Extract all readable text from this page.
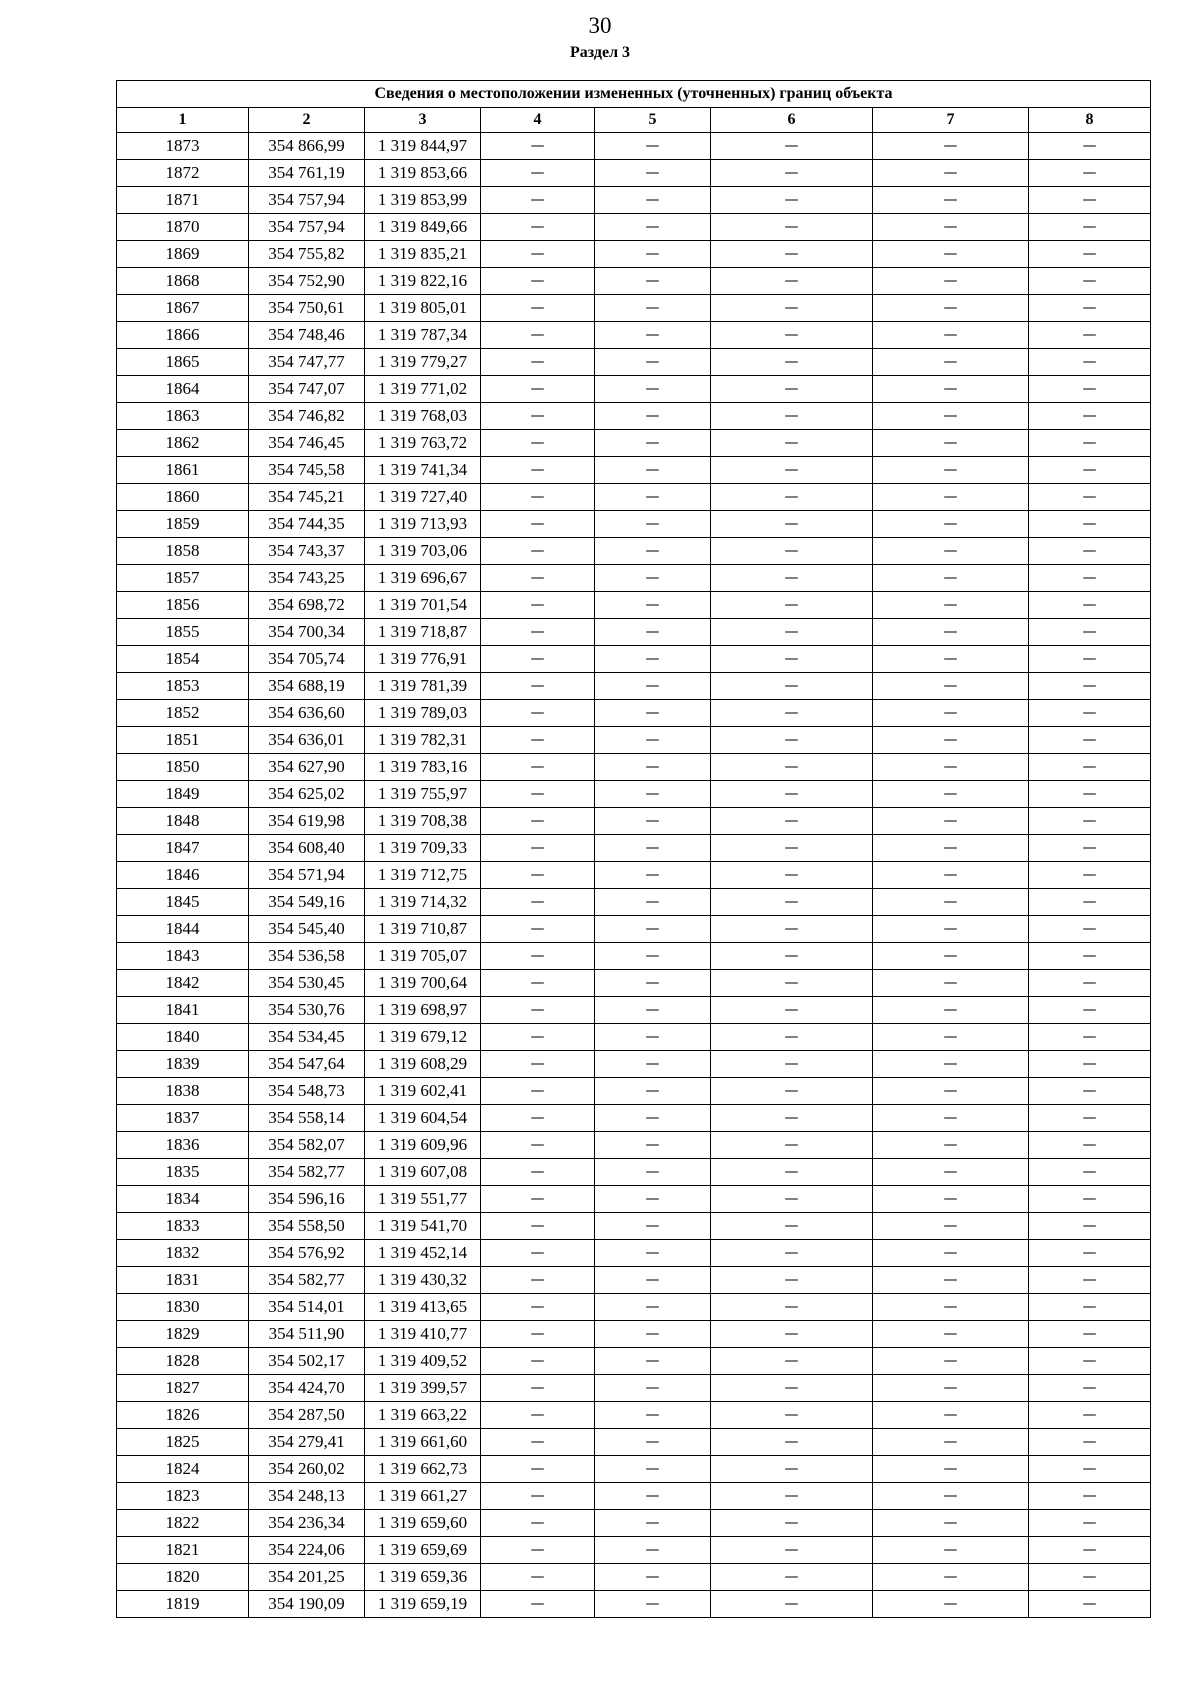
30
Раздел 3
Сведения о местоположении измененных (уточненных) границ объекта							
1	2	3	4	5	6	7	8
1873	354 866,99	1 319 844,97	—	—	—	—	—
1872	354 761,19	1 319 853,66	—	—	—	—	—
1871	354 757,94	1 319 853,99	—	—	—	—	—
1870	354 757,94	1 319 849,66	—	—	—	—	—
1869	354 755,82	1 319 835,21	—	—	—	—	—
1868	354 752,90	1 319 822,16	—	—	—	—	—
1867	354 750,61	1 319 805,01	—	—	—	—	—
1866	354 748,46	1 319 787,34	—	—	—	—	—
1865	354 747,77	1 319 779,27	—	—	—	—	—
1864	354 747,07	1 319 771,02	—	—	—	—	—
1863	354 746,82	1 319 768,03	—	—	—	—	—
1862	354 746,45	1 319 763,72	—	—	—	—	—
1861	354 745,58	1 319 741,34	—	—	—	—	—
1860	354 745,21	1 319 727,40	—	—	—	—	—
1859	354 744,35	1 319 713,93	—	—	—	—	—
1858	354 743,37	1 319 703,06	—	—	—	—	—
1857	354 743,25	1 319 696,67	—	—	—	—	—
1856	354 698,72	1 319 701,54	—	—	—	—	—
1855	354 700,34	1 319 718,87	—	—	—	—	—
1854	354 705,74	1 319 776,91	—	—	—	—	—
1853	354 688,19	1 319 781,39	—	—	—	—	—
1852	354 636,60	1 319 789,03	—	—	—	—	—
1851	354 636,01	1 319 782,31	—	—	—	—	—
1850	354 627,90	1 319 783,16	—	—	—	—	—
1849	354 625,02	1 319 755,97	—	—	—	—	—
1848	354 619,98	1 319 708,38	—	—	—	—	—
1847	354 608,40	1 319 709,33	—	—	—	—	—
1846	354 571,94	1 319 712,75	—	—	—	—	—
1845	354 549,16	1 319 714,32	—	—	—	—	—
1844	354 545,40	1 319 710,87	—	—	—	—	—
1843	354 536,58	1 319 705,07	—	—	—	—	—
1842	354 530,45	1 319 700,64	—	—	—	—	—
1841	354 530,76	1 319 698,97	—	—	—	—	—
1840	354 534,45	1 319 679,12	—	—	—	—	—
1839	354 547,64	1 319 608,29	—	—	—	—	—
1838	354 548,73	1 319 602,41	—	—	—	—	—
1837	354 558,14	1 319 604,54	—	—	—	—	—
1836	354 582,07	1 319 609,96	—	—	—	—	—
1835	354 582,77	1 319 607,08	—	—	—	—	—
1834	354 596,16	1 319 551,77	—	—	—	—	—
1833	354 558,50	1 319 541,70	—	—	—	—	—
1832	354 576,92	1 319 452,14	—	—	—	—	—
1831	354 582,77	1 319 430,32	—	—	—	—	—
1830	354 514,01	1 319 413,65	—	—	—	—	—
1829	354 511,90	1 319 410,77	—	—	—	—	—
1828	354 502,17	1 319 409,52	—	—	—	—	—
1827	354 424,70	1 319 399,57	—	—	—	—	—
1826	354 287,50	1 319 663,22	—	—	—	—	—
1825	354 279,41	1 319 661,60	—	—	—	—	—
1824	354 260,02	1 319 662,73	—	—	—	—	—
1823	354 248,13	1 319 661,27	—	—	—	—	—
1822	354 236,34	1 319 659,60	—	—	—	—	—
1821	354 224,06	1 319 659,69	—	—	—	—	—
1820	354 201,25	1 319 659,36	—	—	—	—	—
1819	354 190,09	1 319 659,19	—	—	—	—	—
